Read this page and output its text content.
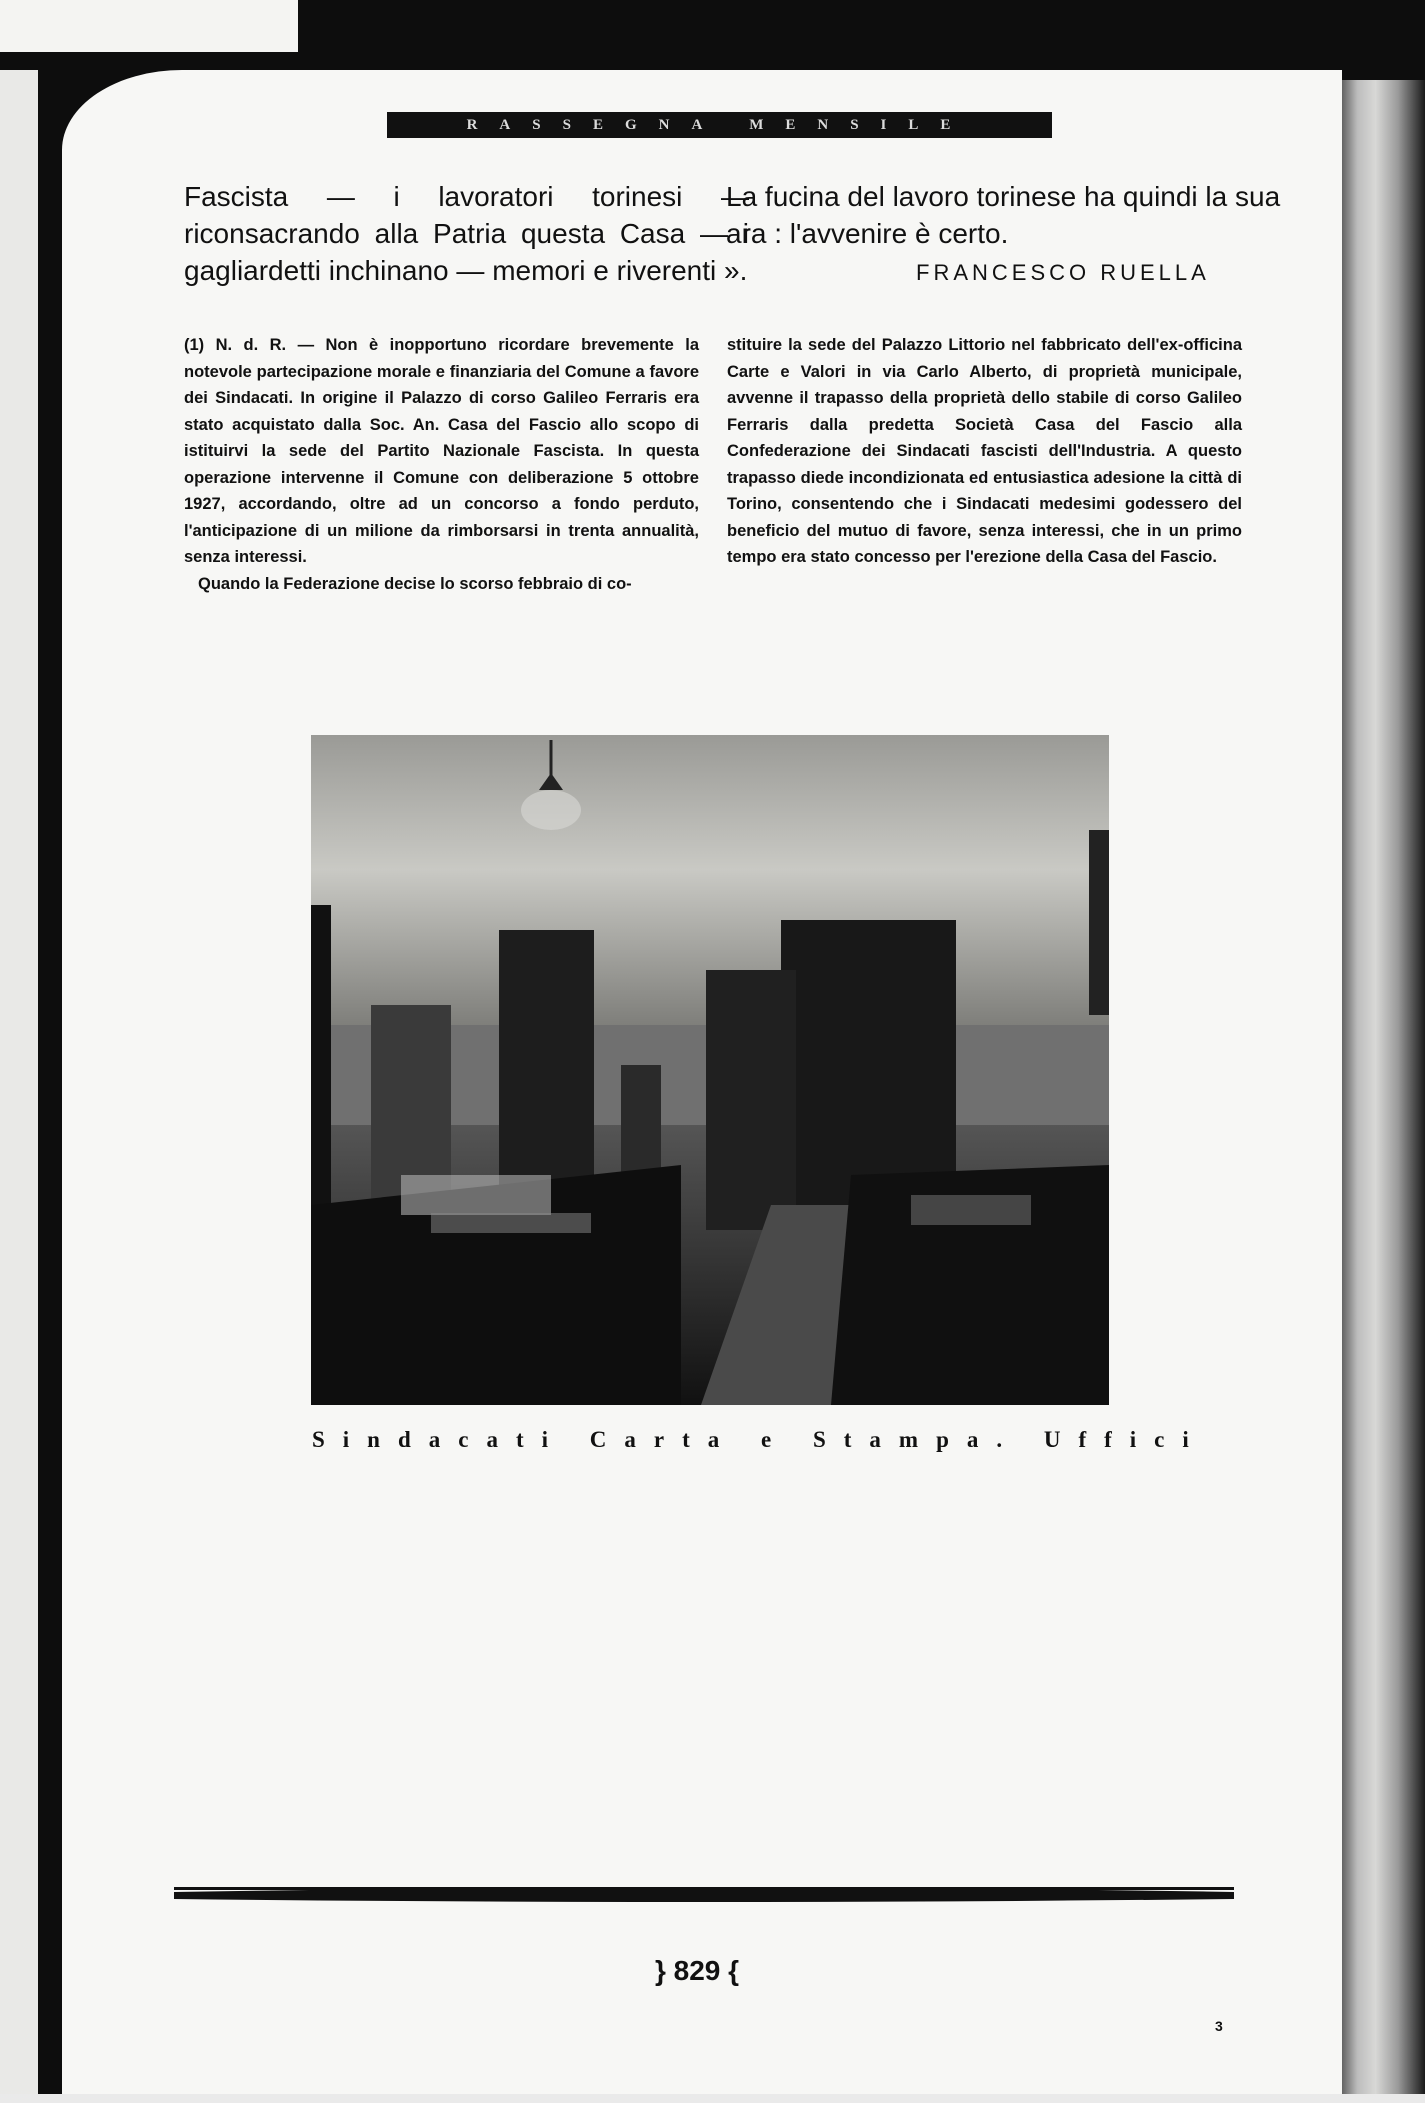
RASSEGNA MENSILE
Fascista — i lavoratori torinesi — riconsacrando alla Patria questa Casa — i gagliardetti inchinano — memori e riverenti ».
La fucina del lavoro torinese ha quindi la sua ara : l'avvenire è certo.
FRANCESCO RUELLA

(1) N. d. R. — Non è inopportuno ricordare brevemente la notevole partecipazione morale e finanziaria del Comune a favore dei Sindacati. In origine il Palazzo di corso Galileo Ferraris era stato acquistato dalla Soc. An. Casa del Fascio allo scopo di istituirvi la sede del Partito Nazionale Fascista. In questa operazione intervenne il Comune con deliberazione 5 ottobre 1927, accordando, oltre ad un concorso a fondo perduto, l'anticipazione di un milione da rimborsarsi in trenta annualità, senza interessi.

Quando la Federazione decise lo scorso febbraio di co-

stituire la sede del Palazzo Littorio nel fabbricato dell'ex-officina Carte e Valori in via Carlo Alberto, di proprietà municipale, avvenne il trapasso della proprietà dello stabile di corso Galileo Ferraris dalla predetta Società Casa del Fascio alla Confederazione dei Sindacati fascisti dell'Industria. A questo trapasso diede incondizionata ed entusiastica adesione la città di Torino, consentendo che i Sindacati medesimi godessero del beneficio del mutuo di favore, senza interessi, che in un primo tempo era stato concesso per l'erezione della Casa del Fascio.

Sindacati Carta e Stampa. Uffici
} 829 {
3
